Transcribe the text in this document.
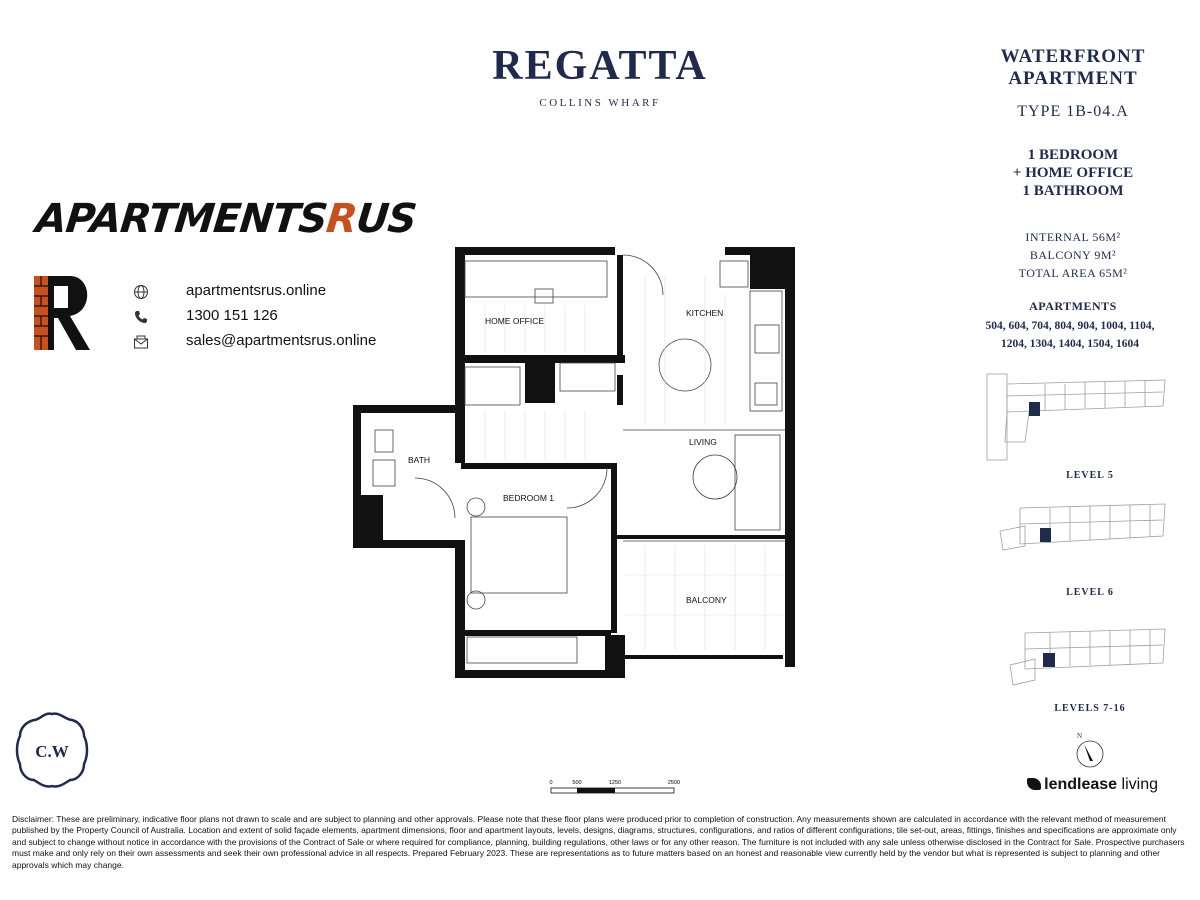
REGATTA
COLLINS WHARF
WATERFRONT
APARTMENT
TYPE 1B-04.A
1 BEDROOM
+ HOME OFFICE
1 BATHROOM
INTERNAL 56M²
BALCONY 9M²
TOTAL AREA 65M²
APARTMENTS
504, 604, 704, 804, 904, 1004, 1104,
1204, 1304, 1404, 1504, 1604
LEVEL 5
LEVEL 6
LEVELS 7-16
N
lendlease living
APARTMENTSRUS
apartmentsrus.online
1300 151 126
sales@apartmentsrus.online
C.W
HOME OFFICE
KITCHEN
LIVING
BATH
BEDROOM 1
BALCONY
0	500	1250	2500
Disclaimer: These are preliminary, indicative floor plans not drawn to scale and are subject to planning and other approvals. Please note that these floor plans were produced prior to completion of construction. Any measurements shown are calculated in accordance with the relevant method of measurement published by the Property Council of Australia. Location and extent of solid façade elements, apartment dimensions, floor and apartment layouts, levels, designs, diagrams, structures, configurations, and ratios of different configurations, tile set-out, areas, fittings, finishes and specifications are approximate only and subject to change without notice in accordance with the provisions of the Contract of Sale or where required for compliance, planning, building regulations, other laws or for any other reason. The furniture is not included with any sale unless otherwise disclosed in the Contract for Sale. Prospective purchasers must make and only rely on their own assessments and seek their own professional advice in all respects. Prepared February 2023. These are representations as to future matters based on an honest and reasonable view currently held by the vendor but what is represented is subject to planning and other approvals which may change.
